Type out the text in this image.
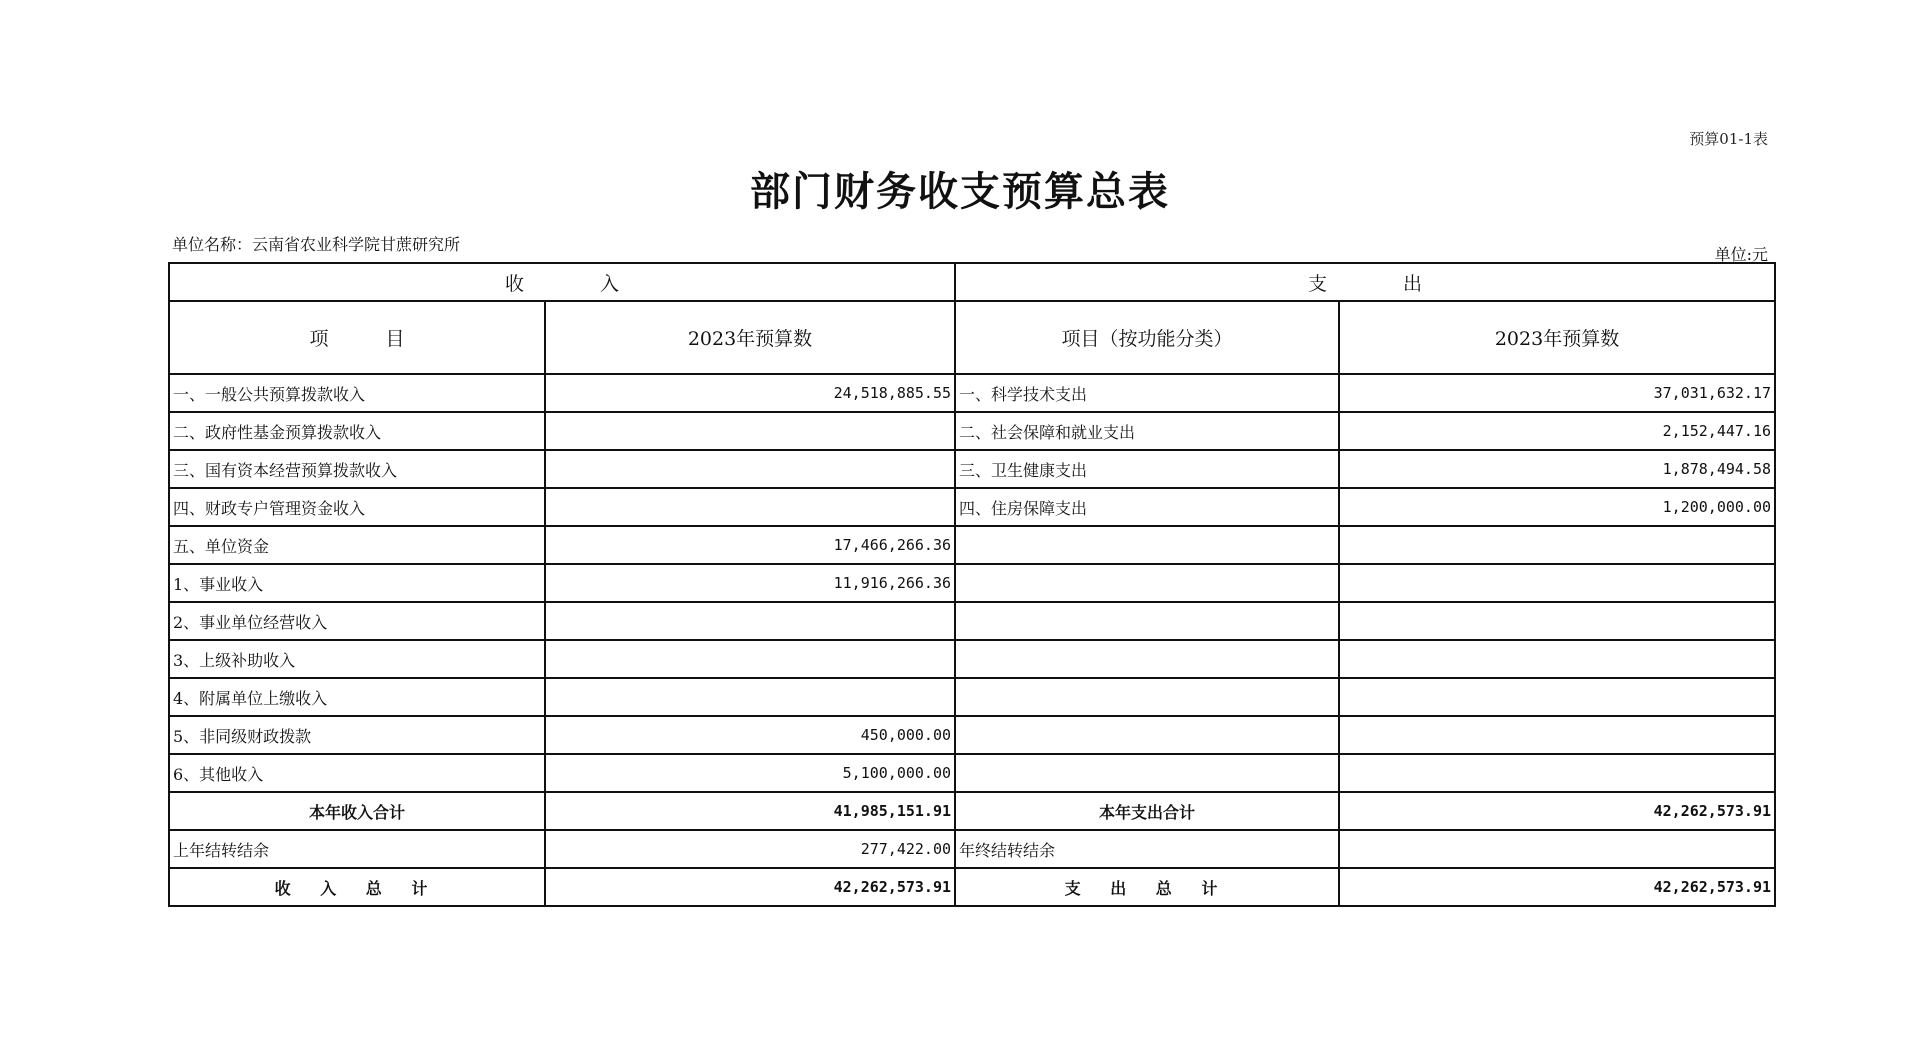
预算01-1表
部门财务收支预算总表
单位名称：云南省农业科学院甘蔗研究所
单位:元
收　　　　入		支　　　　出	
项　　　目	2023年预算数	项目（按功能分类）	2023年预算数
一、一般公共预算拨款收入	24,518,885.55	一、科学技术支出	37,031,632.17
二、政府性基金预算拨款收入		二、社会保障和就业支出	2,152,447.16
三、国有资本经营预算拨款收入		三、卫生健康支出	1,878,494.58
四、财政专户管理资金收入		四、住房保障支出	1,200,000.00
五、单位资金	17,466,266.36		
1、事业收入	11,916,266.36		
2、事业单位经营收入			
3、上级补助收入			
4、附属单位上缴收入			
5、非同级财政拨款	450,000.00		
6、其他收入	5,100,000.00		
本年收入合计	41,985,151.91	本年支出合计	42,262,573.91
上年结转结余	277,422.00	年终结转结余	
收 入 总 计	42,262,573.91	支 出 总 计	42,262,573.91
